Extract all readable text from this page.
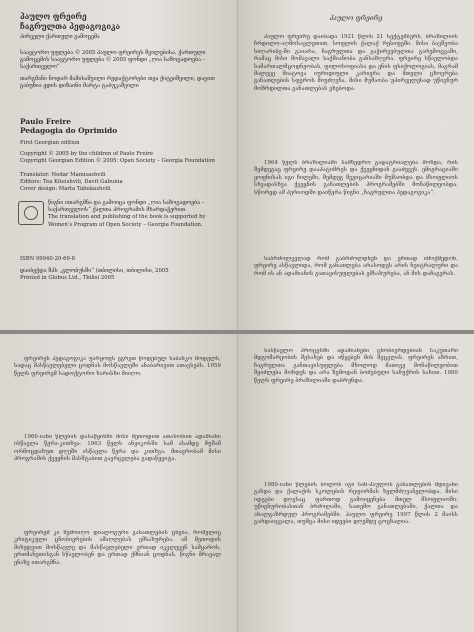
პაულო ფრეირე
ჩაგრულთა პედაგოგიკა
პირველი ქართული გამოცემა
საავტორო უფლება © 2005 პაულო ფრეირეს შვილებისა. ქართული გამოცემის საავტორო უფლება © 2005 ფონდი „ღია საზოგადოება – საქართველო“
თარგმანი ნოდარ მამისაშვილი რედაქტორები თეა ქიტეიშვილი, დავით გაბუნია ყდის დიზაინი მარტა ტაბუკაშვილი
Paulo Freire
Pedagogia do Oprimido
First Georgian edition
Copyright © 2005 by the children of Paulo Freire
Copyright Georgian Edition © 2005: Open Society – Georgia Foundation
Translator: Nodar Mamisashvili
Editors: Tea Kiteishvili, Davit Gabunia
Cover design: Marta Tabukashvili
წიგნი ითარგმნა და გამოიცა ფონდი „ღია საზოგადოება – საქართველოს“ ქალთა პროგრამის მხარდაჭერით.
The translation and publishing of the book is supported by Women’s Program of Open Society – Georgia Foundation.
ISBN 99940-20-69-8
დაიბეჭდა შპს „გლობუსში“ (თბილისი, თბილისი, 2005
Printed in Globus Ltd., Tbilisi 2005
პაულო ფრეირე
პაულო ფრეირე დაიბადა 1921 წლის 21 სექტემბერს, ბრაზილიის ჩრდილო-აღმოსავლეთით, სოფლის ქალაქ რესიფეში. მისი ბავშვობა სიღარიბე-ში გაიარა, ჩაგრულთა და გაჭირვებულთა გარემოცვაში, რამაც მისი მომავალი საქმიანობა განსაზღვრა. ფრეირე სწავლობდა სამართალმცოდნეობას, ფილოსოფიასა და ენის ფსიქოლოგიას, მაგრამ მალევე მიატოვა იურიდიული კარიერა და მთელი ცხოვრება განათლების სფეროს მიუძღვნა. მისი მუშაობა უპირველესად უწიგნურ მოზრდილთა განათლებას ეხებოდა.
1964 წელს ბრაზილიაში სამხედრო გადატრიალება მოხდა, რის შემდეგაც ფრეირე დააპატიმრეს და ქვეყნიდან გააძევეს. ემიგრაციაში ყოფნისას იგი ჩილეში, შემდეგ შვეიცარიაში მუშაობდა და მსოფლიოს სხვადასხვა ქვეყნის განათლების პროგრამებში მონაწილეობდა. სწორედ ამ პერიოდში დაიწერა წიგნი „ჩაგრულთა პედაგოგიკა“.
საბრძოლველად რომ გაბრძოლდნენ და ერთად იმოქმედონ, ფრეირე ასწავლიდა, რომ განათლება არასოდეს არის ნეიტრალური და რომ ის ან ადამიანის გათავისუფლებას ემსახურება, ან მის დაჩაგვრას.
ფრეირეს პედაგოგიკა უარყოფს ეგრეთ წოდებულ საბანკო მოდელს, სადაც მასწავლებელი ცოდნას მოსწავლეში ანაბარივით ათავსებს. 1959 წელს ფრეირემ სადოქტორო ხარისხი მიიღო.
1960-იანი წლების დასაწყისში მისი მეთოდით ათასობით ადამიანი ისწავლა წერა-კითხვა. 1963 წელს ანჟიკოსში სამ ასამდე მუშამ ორმოცდახუთ დღეში ისწავლა წერა და კითხვა. მთავრობამ მისი პროგრამის ქვეყნის მასშტაბით გავრცელება გადაწყვიტა.
ფრეირემ კი შემოიღო დიალოგური განათლების ცნება, რომელიც კრიტიკული ცნობიერების ამაღლებას ემსახურება. ამ მეთოდის მიხედვით მოსწავლე და მასწავლებელი ერთად იკვლევენ სამყაროს, ერთმანეთისგან სწავლობენ და ერთად ქმნიან ცოდნას. წიგნი მრავალ ენაზე ითარგმნა.
სასწავლო პროცესში ადამიანები ცნობიერდებიან საკუთარი მდგომარეობის შესახებ და იწყებენ მის შეცვლას. ფრეირეს აზრით, ჩაგრულთა განთავისუფლება მხოლოდ მათივე მონაწილეობით შეიძლება მოხდეს და არა ზემოდან ბოძებული საჩუქრის სახით. 1980 წელს ფრეირე ბრაზილიაში დაბრუნდა.
1980-იანი წლების ბოლოს იგი სან-პაულოს განათლების მდივანი გახდა და ქალაქის სკოლების რეფორმას ხელმძღვანელობდა. მისი იდეები დღესაც ფართოდ გამოიყენება მთელ მსოფლიოში: უწიგნურობასთან ბრძოლაში, სათემო განათლებაში, ქალთა და ახალგაზრდულ პროგრამებში. პაულო ფრეირე 1997 წლის 2 მაისს გარდაიცვალა, თუმცა მისი იდეები დღემდე ცოცხალია.
